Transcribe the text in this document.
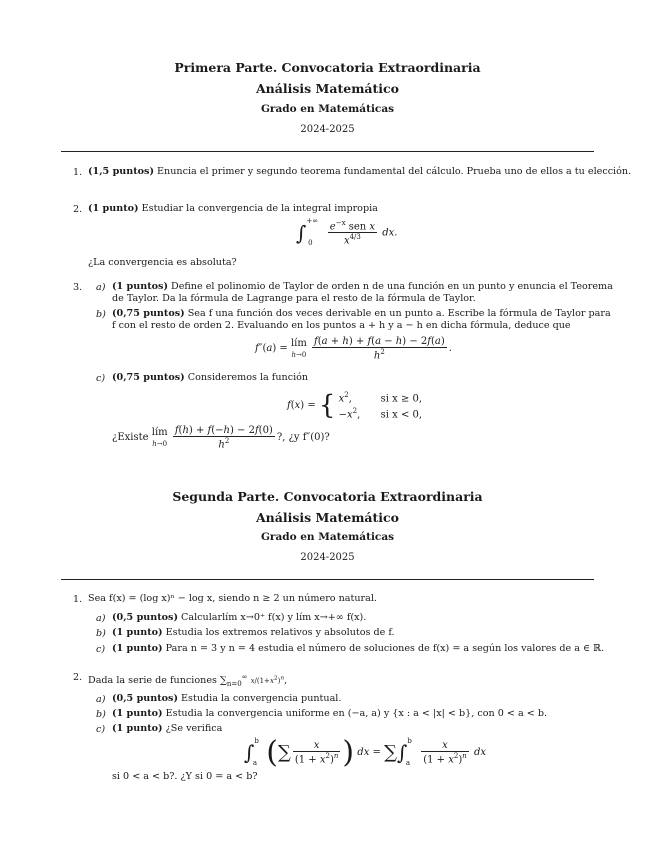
Primera Parte. Convocatoria Extraordinaria
Análisis Matemático
Grado en Matemáticas
2024-2025
1. (1,5 puntos) Enuncia el primer y segundo teorema fundamental del cálculo. Prueba uno de ellos a tu elección.
2. (1 punto) Estudiar la convergencia de la integral impropia
$\int^{+\infty}_0 \frac{e^{-x} sen x}{x^{4/3}}$ dx.
¿La convergencia es absoluta?
3. a) (1 puntos) Define el polinomio de Taylor de orden n de una función en un punto y enuncia el Teorema
de Taylor. Da la fórmula de Lagrange para el resto de la fórmula de Taylor.
b) (0,75 puntos) Sea f una función dos veces derivable en un punto a. Escribe la fórmula de Taylor para
f con el resto de orden 2. Evaluando en los puntos a + h y a − h en dicha fórmula, deduce que
f″(a) = lím
$h\to 0 \frac{f(a + h) + f(a - h) - 2f(a)}{h^2}$ .
c) (0,75 puntos) Consideremos la función
f(x) = { $x^2$,	si x ≥ 0,
$-x^2$, si x < 0,
¿Existe lím
$h\to 0 \frac{f(h) + f(-h) - 2f(0)}{h^2}$ ?, ¿y f″(0)?
Segunda Parte. Convocatoria Extraordinaria
Análisis Matemático
Grado en Matemáticas
2024-2025
1. Sea f(x) = (log x)ⁿ − log x, siendo n ≥ 2 un número natural.
a) (0,5 puntos) Calcularlím x→0⁺ f(x) y lím x→+∞ f(x).
b) (1 punto) Estudia los extremos relativos y absolutos de f.
c) (1 punto) Para n = 3 y n = 4 estudia el número de soluciones de f(x) = a según los valores de a ∈ ℝ.
2. Dada la serie de funciones $\sum_{n=0}^\infty$ $x/(1+x^2)^n$,
a) (0,5 puntos) Estudia la convergencia puntual.
b) (1 punto) Estudia la convergencia uniforme en (−a, a) y {x : a < |x| < b}, con 0 < a < b.
c) (1 punto) ¿Se verifica
∫$^b_a$ (∑ $\frac{x}{(1 + x^2)^n}$ ) dx = $\sum\int^b_a \frac{x}{(1 + x^2)^n}$ dx
si 0 < a < b?. ¿Y si 0 = a < b?
